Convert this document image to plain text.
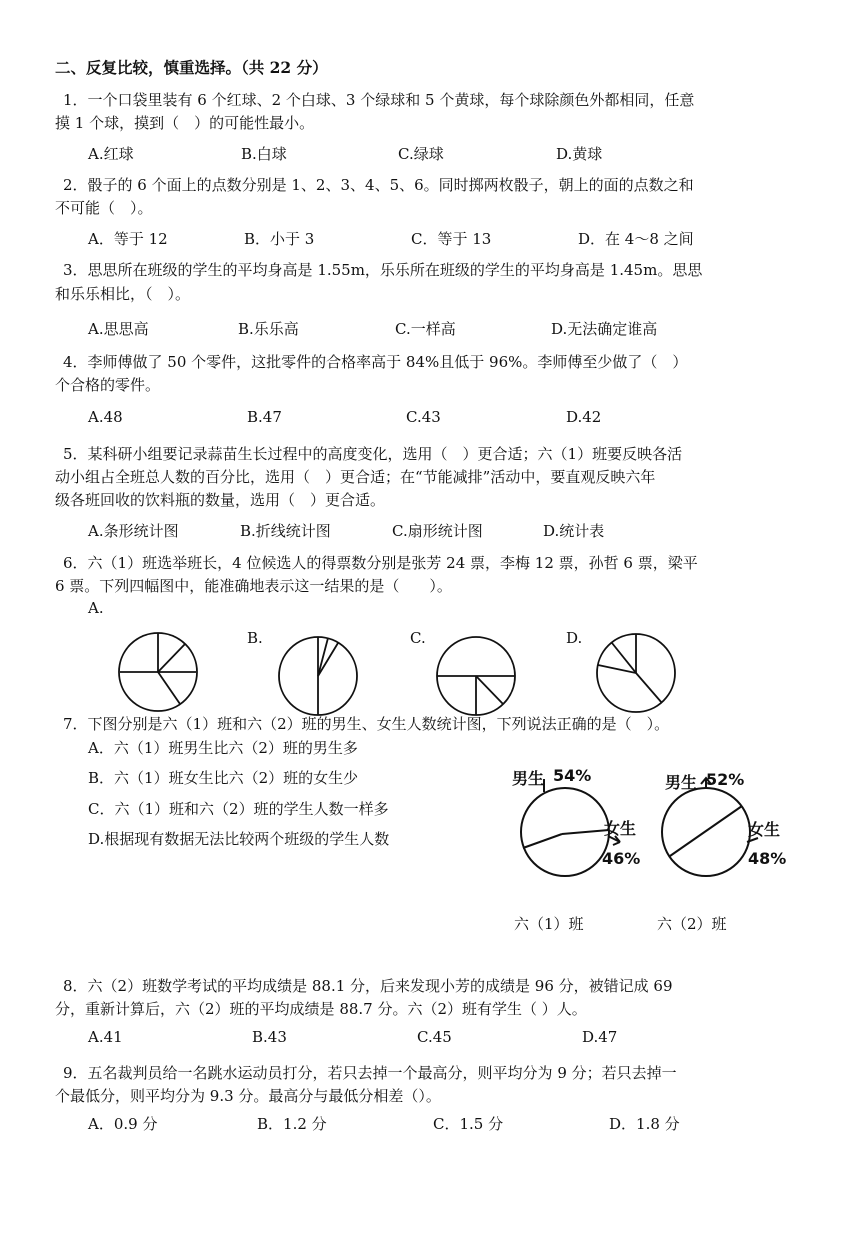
二、反复比较，慎重选择。（共 22 分）
1．一个口袋里装有 6 个红球、2 个白球、3 个绿球和 5 个黄球，每个球除颜色外都相同，任意
摸 1 个球，摸到（　）的可能性最小。
A.红球	B.白球	C.绿球	D.黄球
2．骰子的 6 个面上的点数分别是 1、2、3、4、5、6。同时掷两枚骰子，朝上的面的点数之和
不可能（　）。
A．等于 12	B．小于 3	C．等于 13	D．在 4～8 之间
3．思思所在班级的学生的平均身高是 1.55m，乐乐所在班级的学生的平均身高是 1.45m。思思
和乐乐相比，（　）。
A.思思高	B.乐乐高	C.一样高	D.无法确定谁高
4．李师傅做了 50 个零件，这批零件的合格率高于 84%且低于 96%。李师傅至少做了（　）
个合格的零件。
A.48	B.47	C.43	D.42
5．某科研小组要记录蒜苗生长过程中的高度变化，选用（　）更合适；六（1）班要反映各活
动小组占全班总人数的百分比，选用（　）更合适；在“节能减排”活动中，要直观反映六年
级各班回收的饮料瓶的数量，选用（　）更合适。
A.条形统计图	B.折线统计图	C.扇形统计图	D.统计表
6．六（1）班选举班长，4 位候选人的得票数分别是张芳 24 票，李梅 12 票，孙哲 6 票，梁平
6 票。下列四幅图中，能准确地表示这一结果的是（　　）。
A.
B.	C.	D.
7．下图分别是六（1）班和六（2）班的男生、女生人数统计图，下列说法正确的是（　）。
A．六（1）班男生比六（2）班的男生多
B．六（1）班女生比六（2）班的女生少
C．六（1）班和六（2）班的学生人数一样多
D.根据现有数据无法比较两个班级的学生人数
男生 54%
女生
46%
男生 52%
女生
48%
六（1）班	六（2）班
8．六（2）班数学考试的平均成绩是 88.1 分，后来发现小芳的成绩是 96 分，被错记成 69
分，重新计算后，六（2）班的平均成绩是 88.7 分。六（2）班有学生（ ）人。
A.41	B.43	C.45	D.47
9．五名裁判员给一名跳水运动员打分，若只去掉一个最高分，则平均分为 9 分；若只去掉一
个最低分，则平均分为 9.3 分。最高分与最低分相差（）。
A．0.9 分	B．1.2 分	C．1.5 分	D．1.8 分
